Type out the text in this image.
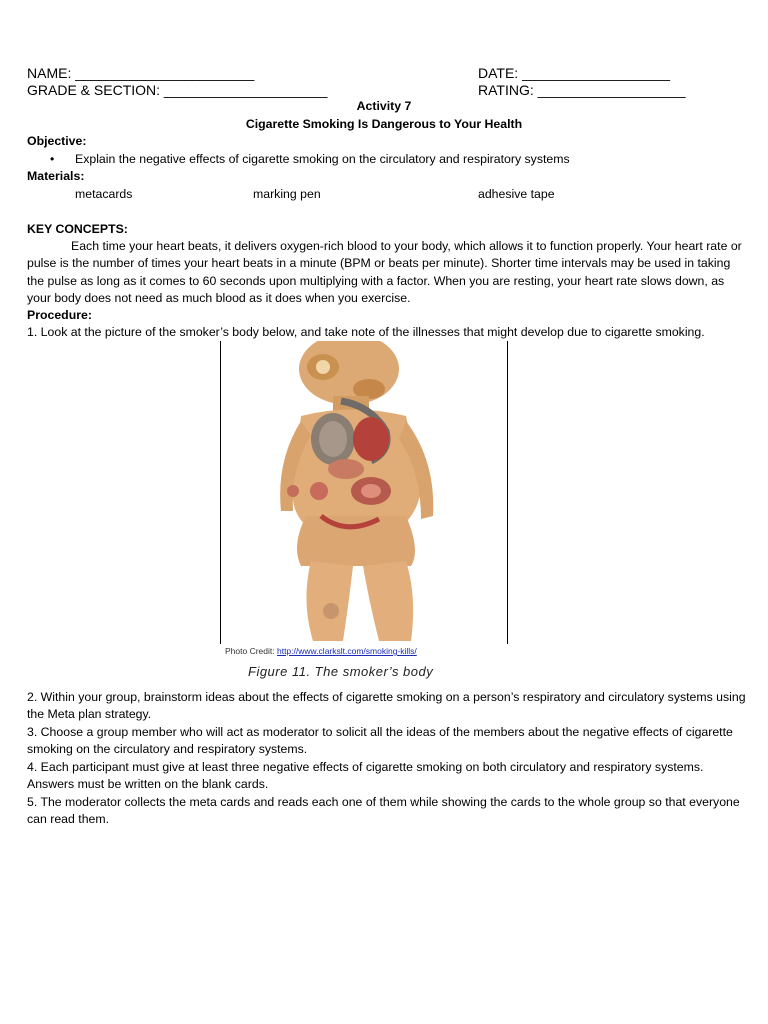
NAME: _______________________
GRADE & SECTION: _____________________
DATE: ___________________
RATING: ___________________
Activity 7
Cigarette Smoking Is Dangerous to Your Health
Objective:
• Explain the negative effects of cigarette smoking on the circulatory and respiratory systems
Materials:
metacards	marking pen	adhesive tape
KEY CONCEPTS:
Each time your heart beats, it delivers oxygen-rich blood to your body, which allows it to function properly. Your heart rate or pulse is the number of times your heart beats in a minute (BPM or beats per minute). Shorter time intervals may be used in taking the pulse as long as it comes to 60 seconds upon multiplying with a factor. When you are resting, your heart rate slows down, as your body does not need as much blood as it does when you exercise.
Procedure:
1. Look at the picture of the smoker’s body below, and take note of the illnesses that might develop due to cigarette smoking.
Photo Credit: http://www.clarkslt.com/smoking-kills/
Figure 11. The smoker’s body
2. Within your group, brainstorm ideas about the effects of cigarette smoking on a person’s respiratory and circulatory systems using the Meta plan strategy.
3. Choose a group member who will act as moderator to solicit all the ideas of the members about the negative effects of cigarette smoking on the circulatory and respiratory systems.
4. Each participant must give at least three negative effects of cigarette smoking on both circulatory and respiratory systems. Answers must be written on the blank cards.
5. The moderator collects the meta cards and reads each one of them while showing the cards to the whole group so that everyone can read them.
